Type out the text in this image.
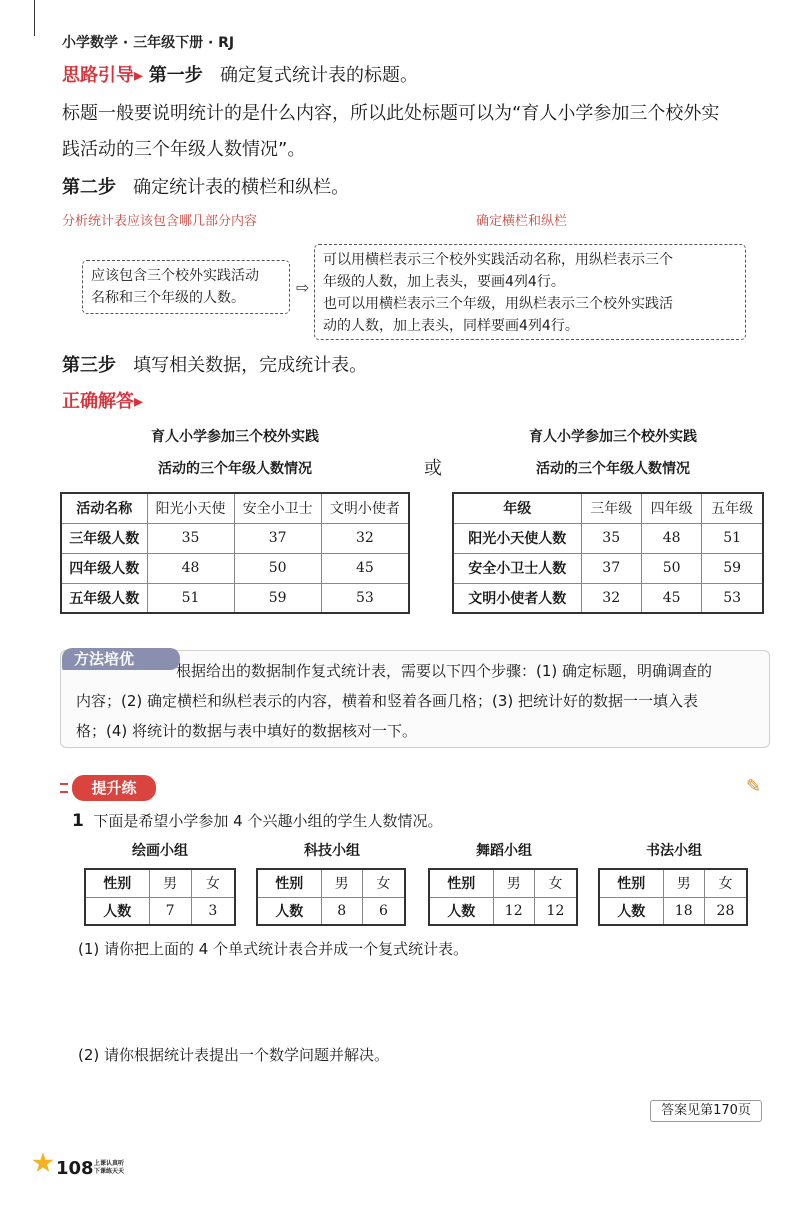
小学数学 · 三年级下册 · RJ
思路引导▸ 第一步 确定复式统计表的标题。
标题一般要说明统计的是什么内容，所以此处标题可以为“育人小学参加三个校外实
践活动的三个年级人数情况”。
第二步 确定统计表的横栏和纵栏。
分析统计表应该包含哪几部分内容	确定横栏和纵栏
应该包含三个校外实践活动
名称和三个年级的人数。
⇨
可以用横栏表示三个校外实践活动名称，用纵栏表示三个
年级的人数，加上表头，要画4列4行。
也可以用横栏表示三个年级，用纵栏表示三个校外实践活
动的人数，加上表头，同样要画4列4行。
第三步 填写相关数据，完成统计表。
正确解答▸
育人小学参加三个校外实践
活动的三个年级人数情况	或
育人小学参加三个校外实践
活动的三个年级人数情况
活动名称	阳光小天使	安全小卫士	文明小使者
三年级人数	35	37	32
四年级人数	48	50	45
五年级人数	51	59	53
年级	三年级	四年级	五年级
阳光小天使人数	35	48	51
安全小卫士人数	37	50	59
文明小使者人数	32	45	53
方法培优
根据给出的数据制作复式统计表，需要以下四个步骤：(1) 确定标题，明确调查的
内容；(2) 确定横栏和纵栏表示的内容，横着和竖着各画几格；(3) 把统计好的数据一一填入表
格；(4) 将统计的数据与表中填好的数据核对一下。
提升练	✎
1 下面是希望小学参加 4 个兴趣小组的学生人数情况。
绘画小组
性别	男	女
人数	7	3
科技小组
性别	男	女
人数	8	6
舞蹈小组
性别	男	女
人数	12	12
书法小组
性别	男	女
人数	18	28
(1) 请你把上面的 4 个单式统计表合并成一个复式统计表。
(2) 请你根据统计表提出一个数学问题并解决。
答案见第170页
108 上课认真听
下课练天天
